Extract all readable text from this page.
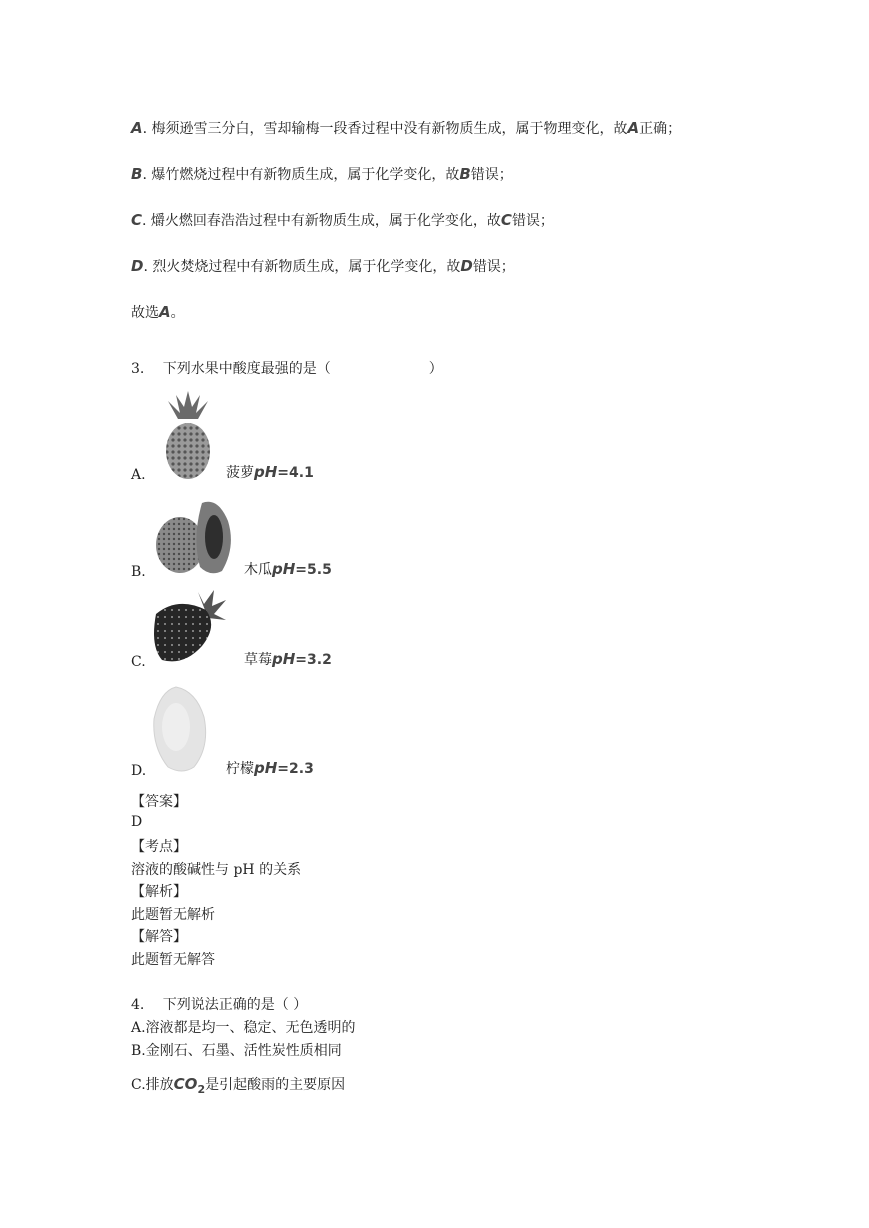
A. 梅须逊雪三分白，雪却输梅一段香过程中没有新物质生成，属于物理变化，故A正确；
B. 爆竹燃烧过程中有新物质生成，属于化学变化，故B错误；
C. 爝火燃回春浩浩过程中有新物质生成，属于化学变化，故C错误；
D. 烈火焚烧过程中有新物质生成，属于化学变化，故D错误；
故选A。
3.　 下列水果中酸度最强的是（　　　　　　　）
A.	菠萝pH=4.1
B.	木瓜pH=5.5
C.	草莓pH=3.2
D.	柠檬pH=2.3
【答案】
D
【考点】
溶液的酸碱性与 pH 的关系
【解析】
此题暂无解析
【解答】
此题暂无解答
4.　 下列说法正确的是（ ）
A.溶液都是均一、稳定、无色透明的
B.金刚石、石墨、活性炭性质相同
C.排放$CO_2$是引起酸雨的主要原因
